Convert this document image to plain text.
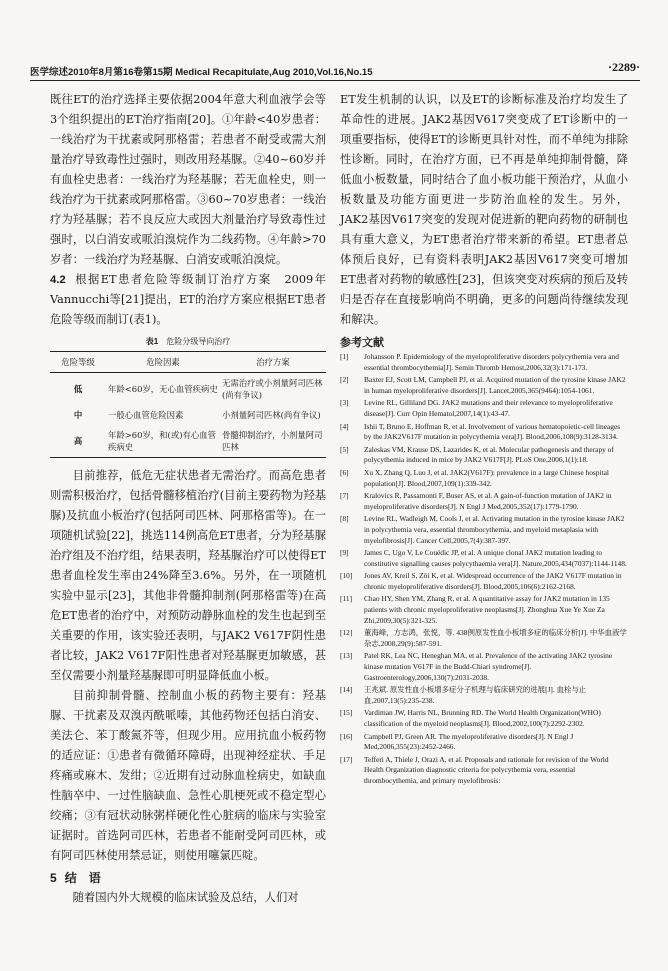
医学综述2010年8月第16卷第15期 Medical Recapitulate,Aug 2010,Vol.16,No.15	·2289·

既往ET的治疗选择主要依据2004年意大利血液学会等3个组织提出的ET治疗指南[20]。①年龄<40岁患者：一线治疗为干扰素或阿那格雷；若患者不耐受或需大剂量治疗导致毒性过强时，则改用羟基脲。②40~60岁并有血栓史患者：一线治疗为羟基脲；若无血栓史，则一线治疗为干扰素或阿那格雷。③60~70岁患者：一线治疗为羟基脲；若不良反应大或因大剂量治疗导致毒性过强时，以白消安或哌泊溴烷作为二线药物。④年龄>70岁者：一线治疗为羟基脲、白消安或哌泊溴烷。

4.2 根据ET患者危险等级制订治疗方案　2009年Vannucchi等[21]提出，ET的治疗方案应根据ET患者危险等级而制订(表1)。

表1 危险分级导向治疗
危险等级	危险因素	治疗方案
低	年龄<60岁，无心血管疾病史	无需治疗或小剂量阿司匹林(尚有争议)
中	一般心血管危险因素	小剂量阿司匹林(尚有争议)
高	年龄>60岁，和(或)有心血管疾病史	骨髓抑制治疗，小剂量阿司匹林

目前推荐，低危无症状患者无需治疗。而高危患者则需积极治疗，包括骨髓移植治疗(目前主要药物为羟基脲)及抗血小板治疗(包括阿司匹林、阿那格雷等)。在一项随机试验[22]，挑选114例高危ET患者，分为羟基脲治疗组及不治疗组，结果表明，羟基脲治疗可以使得ET患者血栓发生率由24%降至3.6%。另外，在一项随机实验中显示[23]，其他非骨髓抑制剂(阿那格雷等)在高危ET患者的治疗中，对预防动静脉血栓的发生也起到至关重要的作用，该实验还表明，与JAK2 V617F阴性患者比较，JAK2 V617F阳性患者对羟基脲更加敏感，甚至仅需要小剂量羟基脲即可明显降低血小板。

目前抑制骨髓、控制血小板的药物主要有：羟基脲、干扰素及双溴丙酰哌嗪，其他药物还包括白消安、美法仑、苯丁酸氮芥等，但现少用。应用抗血小板药物的适应证：①患者有微循环障碍，出现神经症状、手足疼痛或麻木、发绀；②近期有过动脉血栓病史，如缺血性脑卒中、一过性脑缺血、急性心肌梗死或不稳定型心绞痛；③有冠状动脉粥样硬化性心脏病的临床与实验室证据时。首选阿司匹林，若患者不能耐受阿司匹林，或有阿司匹林使用禁忌证，则使用噻氯匹啶。

5 结　语

随着国内外大规模的临床试验及总结，人们对

ET发生机制的认识，以及ET的诊断标准及治疗均发生了革命性的进展。JAK2基因V617突变成了ET诊断中的一项重要指标，使得ET的诊断更具针对性，而不单纯为排除性诊断。同时，在治疗方面，已不再是单纯抑制骨髓，降低血小板数量，同时结合了血小板功能干预治疗，从血小板数量及功能方面更进一步防治血栓的发生。另外，JAK2基因V617突变的发现对促进新的靶向药物的研制也具有重大意义，为ET患者治疗带来新的希望。ET患者总体预后良好，已有资料表明JAK2基因V617突变可增加ET患者对药物的敏感性[23]，但该突变对疾病的预后及转归是否存在直接影响尚不明确，更多的问题尚待继续发现和解决。

参考文献
[1] Johansson P. Epidemiology of the myeloproliferative disorders polycythemia vera and essential thrombocythemia[J]. Semin Thromb Hemost,2006,32(3):171-173.
[2] Baxter EJ, Scott LM, Campbell PJ, et al. Acquired mutation of the tyrosine kinase JAK2 in human myeloproliferative disorders[J]. Lancet,2005,365(9464):1054-1061.
[3] Levine RL, Gilliland DG. JAK2 mutations and their relevance to myeloproliferative disease[J]. Curr Opin Hematol,2007,14(1):43-47.
[4] Ishii T, Bruno E, Hoffman R, et al. Involvement of various hematopoietic-cell lineages by the JAK2V617F mutation in polycythemia vera[J]. Blood,2006,108(9):3128-3134.
[5] Zaleskas VM, Krause DS, Lazarides K, et al. Molecular pathogenesis and therapy of polycythemia induced in mice by JAK2 V617F[J]. PLoS One,2006,1(1):18.
[6] Xu X, Zhang Q, Luo J, et al. JAK2(V617F): prevalence in a large Chinese hospital population[J]. Blood,2007,109(1):339-342.
[7] Kralovics R, Passamonti F, Buser AS, et al. A gain-of-function mutation of JAK2 in myeloproliferative disorders[J]. N Engl J Med,2005,352(17):1779-1790.
[8] Levine RL, Wadleigh M, Cools J, et al. Activating mutation in the tyrosine kinase JAK2 in polycythemia vera, essential thrombocythemia, and myeloid metaplasia with myelofibrosis[J]. Cancer Cell,2005,7(4):387-397.
[9] James C, Ugo V, Le Couédic JP, et al. A unique clonal JAK2 mutation leading to constitutive signalling causes polycythaemia vera[J]. Nature,2005,434(7037):1144-1148.
[10] Jones AV, Kreil S, Zöi K, et al. Widespread occurrence of the JAK2 V617F mutation in chronic myeloproliferative disorders[J]. Blood,2005,106(6):2162-2168.
[11] Chao HY, Shen YM, Zhang R, et al. A quantitative assay for JAK2 mutation in 135 patients with chronic myeloproliferative neoplasms[J]. Zhonghua Xue Ye Xue Za Zhi,2009,30(5):321-325.
[12] 董海峰，方志鸿，张悦，等. 438例原发性血小板增多症的临床分析[J]. 中华血液学杂志,2008,29(9):587-591.
[13] Patel RK, Lea NC, Heneghan MA, et al. Prevalence of the activating JAK2 tyrosine kinase mutation V617F in the Budd-Chiari syndrome[J]. Gastroenterology,2006,130(7):2031-2038.
[14] 王兆斌. 原发性血小板增多症分子机理与临床研究的进展[J]. 血栓与止血,2007,13(5):235-238.
[15] Vardiman JW, Harris NL, Brunning RD. The World Health Organization(WHO) classification of the myeloid neoplasms[J]. Blood,2002,100(7):2292-2302.
[16] Campbell PJ, Green AR. The myeloproliferative disorders[J]. N Engl J Med,2006,355(23):2452-2466.
[17] Tefferi A, Thiele J, Orazi A, et al. Proposals and rationale for revision of the World Health Organization diagnostic criteria for polycythemia vera, essential thrombocythemia, and primary myelofibrosis:
